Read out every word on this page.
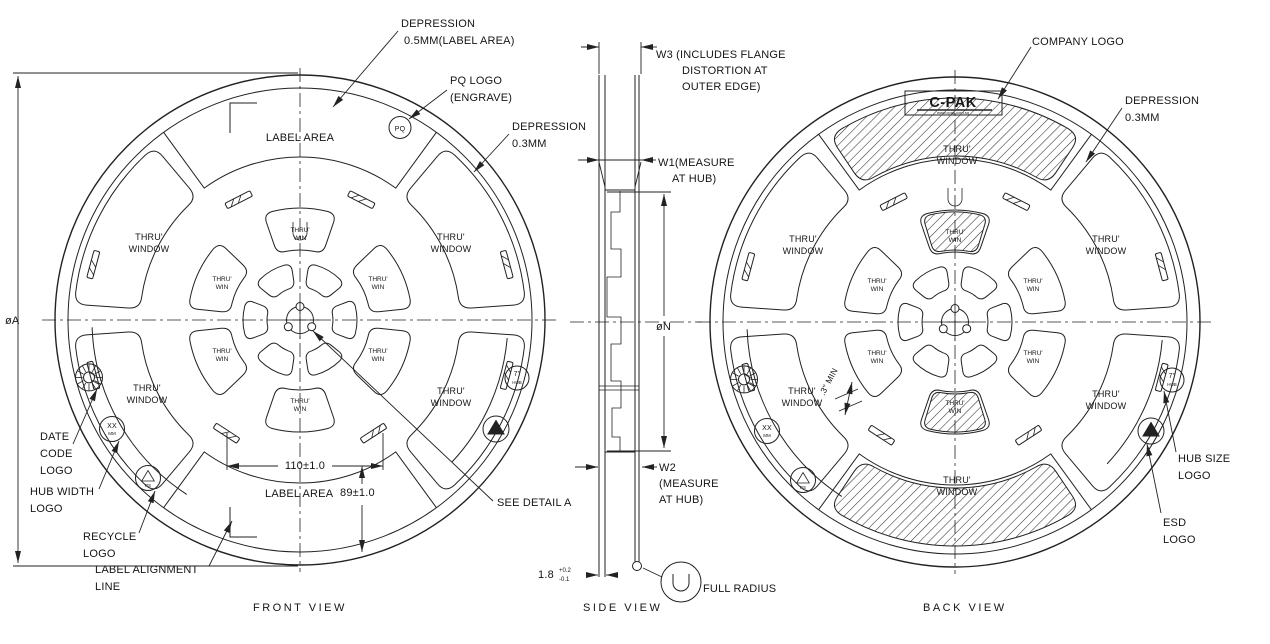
DEPRESSION
0.5MM(LABEL AREA)
PQ LOGO
(ENGRAVE)
DEPRESSION
0.3MM
LABEL AREA
PQ
THRU'
WINDOW
THRU'
WINDOW
THRU'
WINDOW
THRU'
WINDOW
THRU'
WIN
THRU'
WIN
THRU'
WIN
THRU'
WIN
THRU'
WIN
THRU'
WIN
110±1.0
LABEL AREA 89±1.0
SEE DETAIL A
DATE
CODE
LOGO
HUB WIDTH
LOGO
RECYCLE
LOGO
LABEL ALIGNMENT
LINE
øA
FRONT VIEW
XX
MM
PS
7"
HUB
W3 (INCLUDES FLANGE
DISTORTION AT
OUTER EDGE)
W1(MEASURE
AT HUB)
øN
W2
(MEASURE
AT HUB)
1.8 +0.2
-0.1
FULL RADIUS
SIDE VIEW
COMPANY LOGO
DEPRESSION
0.3MM
C-PAK
www.cpak.com.sg
.3" MIN
THRU'
WINDOW
THRU'
WINDOW
THRU'
WINDOW
THRU'
WINDOW
THRU'
WINDOW
THRU'
WINDOW
THRU'
WIN
THRU'
WIN
THRU'
WIN
THRU'
WIN
THRU'
WIN
THRU'
WIN
HUB SIZE
LOGO
ESD
LOGO
BACK VIEW
XX
MM
PS
7"
HUB
